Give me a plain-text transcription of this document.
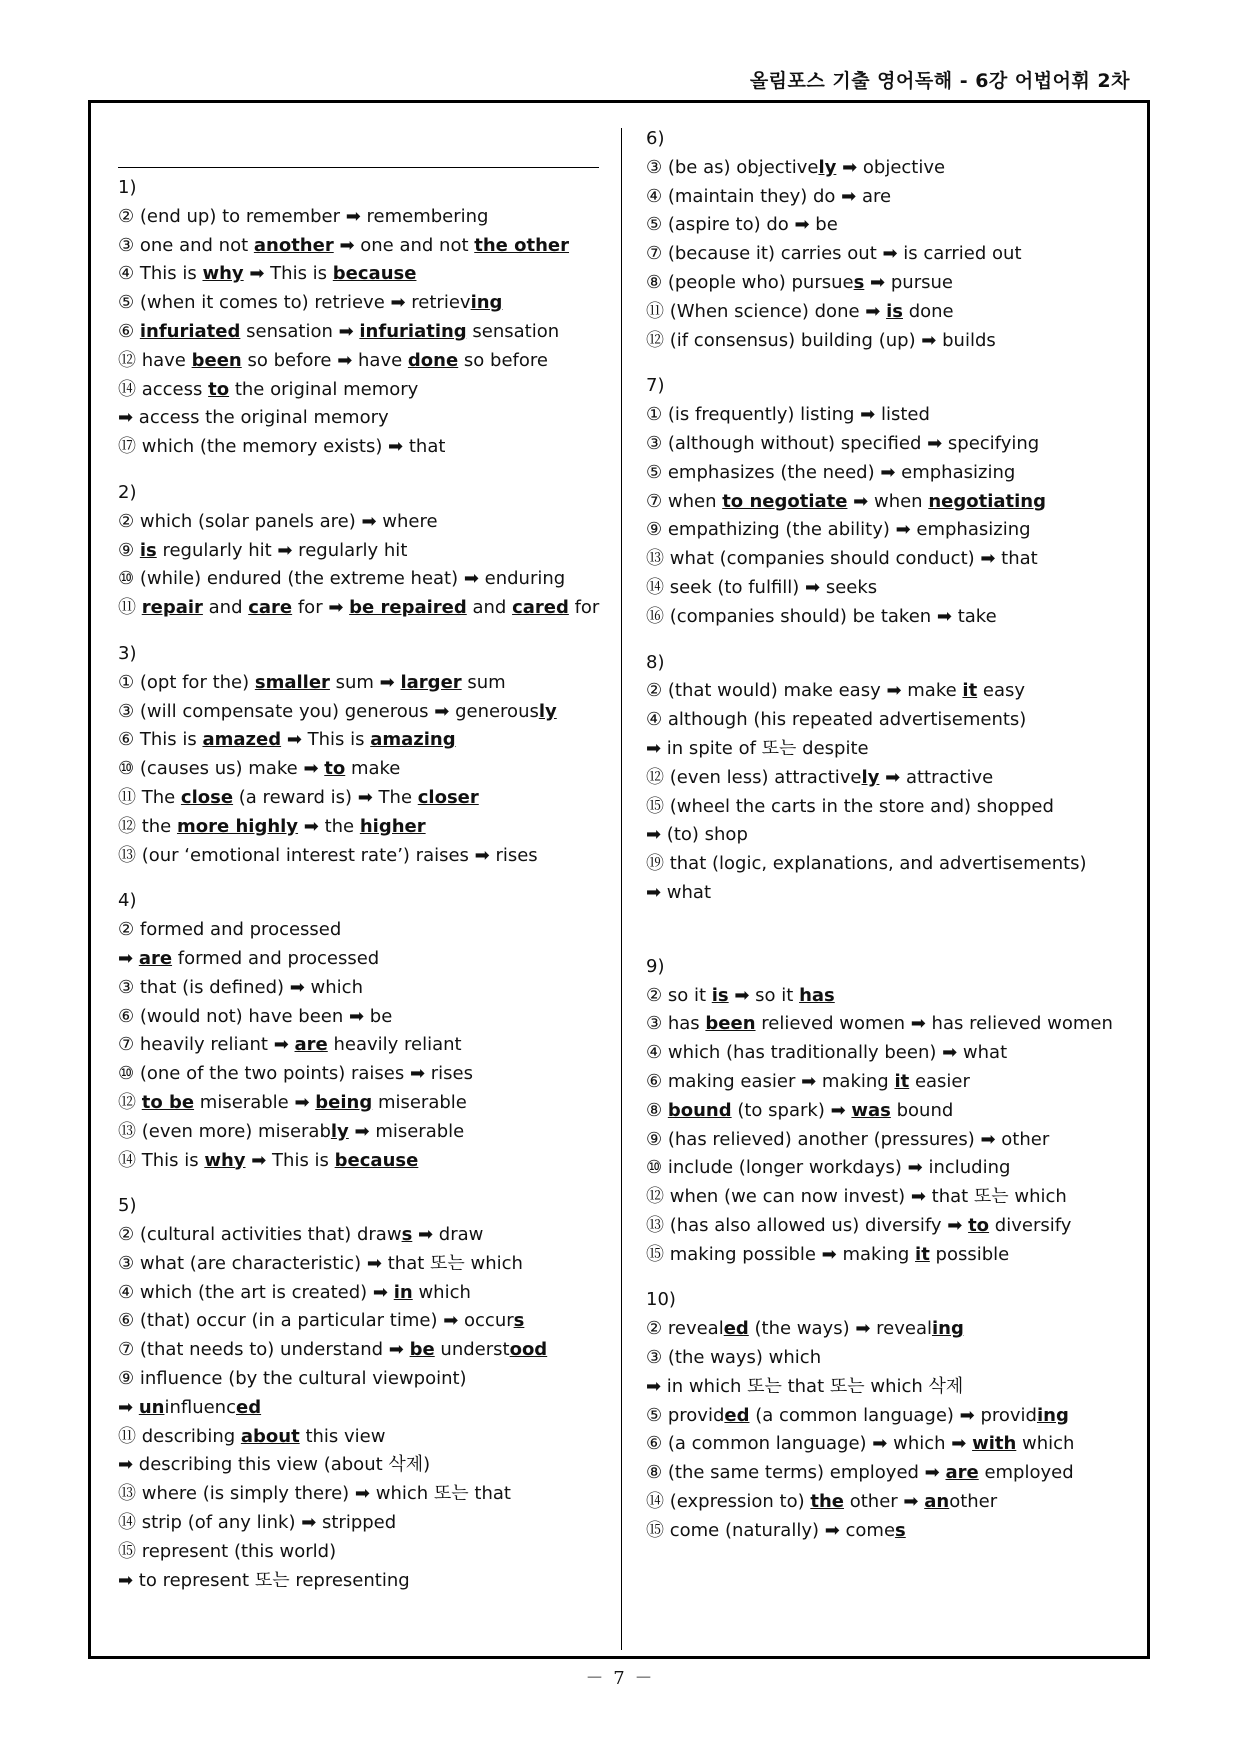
올림포스 기출 영어독해 - 6강 어법어휘 2차
1)
② (end up) to remember ➡ remembering
③ one and not another ➡ one and not the other
④ This is why ➡ This is because
⑤ (when it comes to) retrieve ➡ retrieving
⑥ infuriated sensation ➡ infuriating sensation
⑫ have been so before ➡ have done so before
⑭ access to the original memory
➡ access the original memory
⑰ which (the memory exists) ➡ that
2)
② which (solar panels are) ➡ where
⑨ is regularly hit ➡ regularly hit
⑩ (while) endured (the extreme heat) ➡ enduring
⑪ repair and care for ➡ be repaired and cared for
3)
① (opt for the) smaller sum ➡ larger sum
③ (will compensate you) generous ➡ generously
⑥ This is amazed ➡ This is amazing
⑩ (causes us) make ➡ to make
⑪ The close (a reward is) ➡ The closer
⑫ the more highly ➡ the higher
⑬ (our ‘emotional interest rate’) raises ➡ rises
4)
② formed and processed
➡ are formed and processed
③ that (is defined) ➡ which
⑥ (would not) have been ➡ be
⑦ heavily reliant ➡ are heavily reliant
⑩ (one of the two points) raises ➡ rises
⑫ to be miserable ➡ being miserable
⑬ (even more) miserably ➡ miserable
⑭ This is why ➡ This is because
5)
② (cultural activities that) draws ➡ draw
③ what (are characteristic) ➡ that 또는 which
④ which (the art is created) ➡ in which
⑥ (that) occur (in a particular time) ➡ occurs
⑦ (that needs to) understand ➡ be understood
⑨ influence (by the cultural viewpoint)
➡ uninfluenced
⑪ describing about this view
➡ describing this view (about 삭제)
⑬ where (is simply there) ➡ which 또는 that
⑭ strip (of any link) ➡ stripped
⑮ represent (this world)
➡ to represent 또는 representing
6)
③ (be as) objectively ➡ objective
④ (maintain they) do ➡ are
⑤ (aspire to) do ➡ be
⑦ (because it) carries out ➡ is carried out
⑧ (people who) pursues ➡ pursue
⑪ (When science) done ➡ is done
⑫ (if consensus) building (up) ➡ builds
7)
① (is frequently) listing ➡ listed
③ (although without) specified ➡ specifying
⑤ emphasizes (the need) ➡ emphasizing
⑦ when to negotiate ➡ when negotiating
⑨ empathizing (the ability) ➡ emphasizing
⑬ what (companies should conduct) ➡ that
⑭ seek (to fulfill) ➡ seeks
⑯ (companies should) be taken ➡ take
8)
② (that would) make easy ➡ make it easy
④ although (his repeated advertisements)
➡ in spite of 또는 despite
⑫ (even less) attractively ➡ attractive
⑮ (wheel the carts in the store and) shopped
➡ (to) shop
⑲ that (logic, explanations, and advertisements)
➡ what
9)
② so it is ➡ so it has
③ has been relieved women ➡ has relieved women
④ which (has traditionally been) ➡ what
⑥ making easier ➡ making it easier
⑧ bound (to spark) ➡ was bound
⑨ (has relieved) another (pressures) ➡ other
⑩ include (longer workdays) ➡ including
⑫ when (we can now invest) ➡ that 또는 which
⑬ (has also allowed us) diversify ➡ to diversify
⑮ making possible ➡ making it possible
10)
② revealed (the ways) ➡ revealing
③ (the ways) which
➡ in which 또는 that 또는 which 삭제
⑤ provided (a common language) ➡ providing
⑥ (a common language) ➡ which ➡ with which
⑧ (the same terms) employed ➡ are employed
⑭ (expression to) the other ➡ another
⑮ come (naturally) ➡ comes
－ 7 －
